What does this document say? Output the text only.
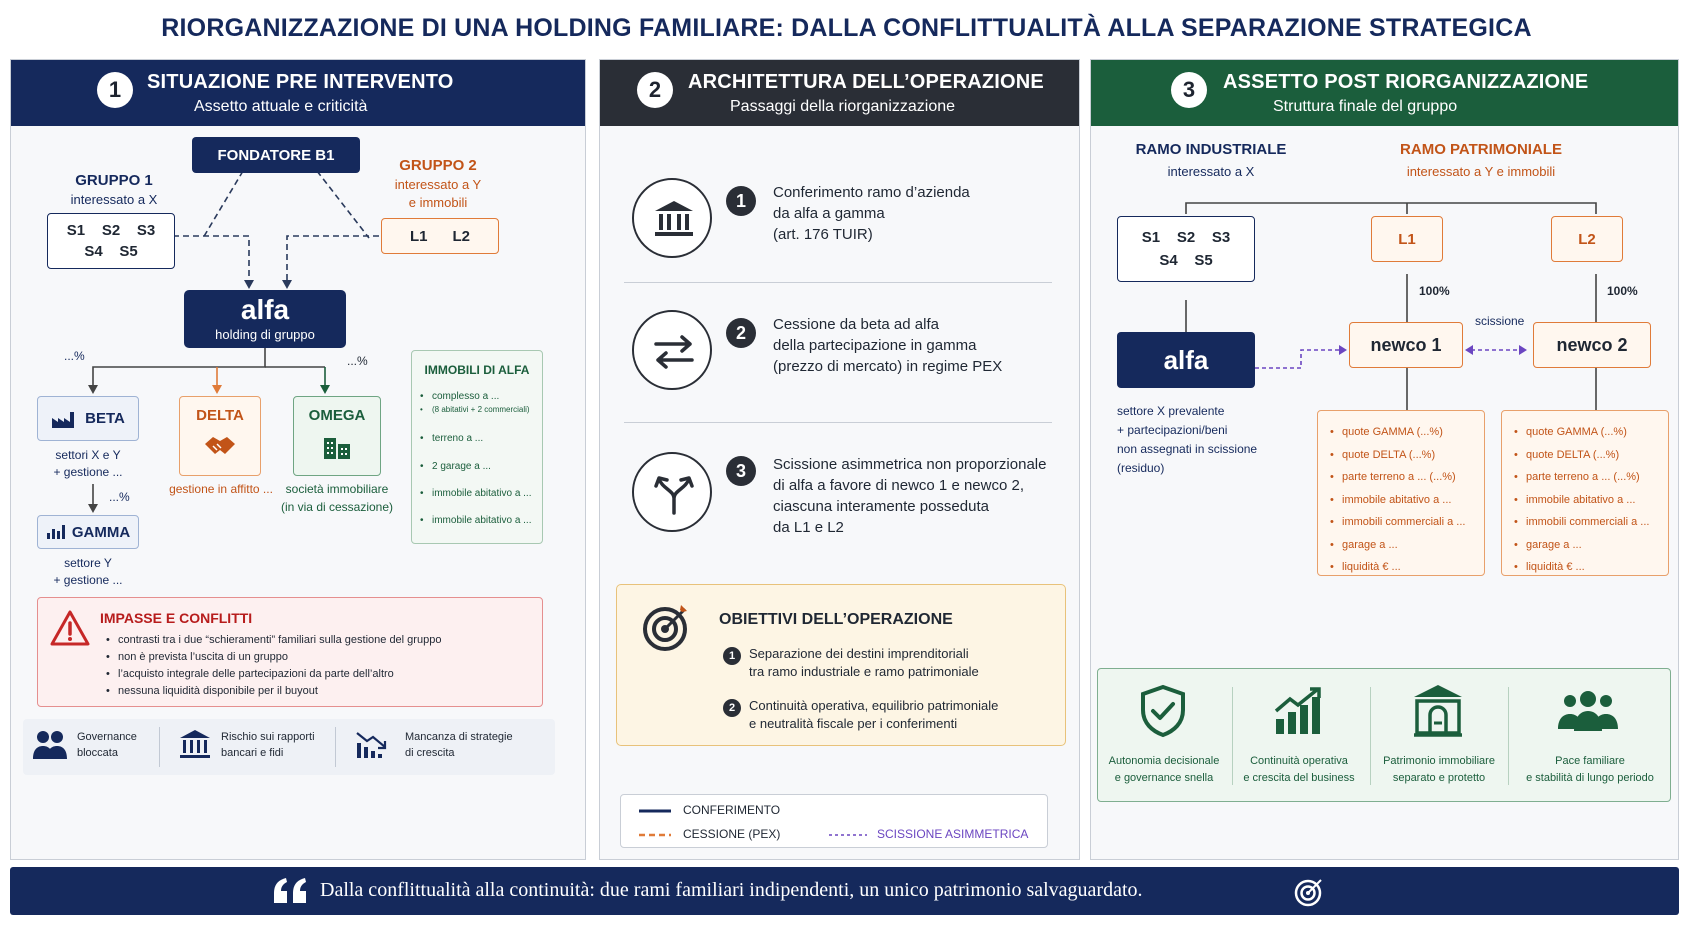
RIORGANIZZAZIONE DI UNA HOLDING FAMILIARE: DALLA CONFLITTUALITÀ ALLA SEPARAZIONE STRATEGICA
1	SITUAZIONE PRE INTERVENTO
Assetto attuale e criticità
FONDATORE B1
GRUPPO 1
interessato a X
S1    S2    S3
S4    S5
GRUPPO 2
interessato a Y
e immobili
L1      L2
alfa
holding di gruppo
...%	...%
BETA
settori X e Y
+ gestione ...
...%
GAMMA
settore Y
+ gestione ...
DELTA
gestione in affitto ...
OMEGA
società immobiliare
(in via di cessazione)
IMMOBILI DI ALFA
• complesso a ...
• (8 abitativi + 2 commerciali)
• terreno a ...
• 2 garage a ...
• immobile abitativo a ...
• immobile abitativo a ...
IMPASSE E CONFLITTI
• contrasti tra i due “schieramenti” familiari sulla gestione del gruppo
• non è prevista l’uscita di un gruppo
• l’acquisto integrale delle partecipazioni da parte dell’altro
• nessuna liquidità disponibile per il buyout
Governance
bloccata
Rischio sui rapporti
bancari e fidi
Mancanza di strategie
di crescita
2	ARCHITETTURA DELL’OPERAZIONE
Passaggi della riorganizzazione
1	Conferimento ramo d’azienda
da alfa a gamma
(art. 176 TUIR)
2	Cessione da beta ad alfa
della partecipazione in gamma
(prezzo di mercato) in regime PEX
3	Scissione asimmetrica non proporzionale
di alfa a favore di newco 1 e newco 2,
ciascuna interamente posseduta
da L1 e L2
OBIETTIVI DELL’OPERAZIONE
1	Separazione dei destini imprenditoriali
tra ramo industriale e ramo patrimoniale
2	Continuità operativa, equilibrio patrimoniale
e neutralità fiscale per i conferimenti
CONFERIMENTO
CESSIONE (PEX)	SCISSIONE ASIMMETRICA
3	ASSETTO POST RIORGANIZZAZIONE
Struttura finale del gruppo
RAMO INDUSTRIALE
interessato a X
RAMO PATRIMONIALE
interessato a Y e immobili
S1    S2    S3
S4    S5
L1	L2
100%	100%
scissione
alfa	newco 1	newco 2
settore X prevalente
+ partecipazioni/beni
non assegnati in scissione
(residuo)
• quote GAMMA (...%)
• quote DELTA (...%)
• parte terreno a ... (...%)
• immobile abitativo a ...
• immobili commerciali a ...
• garage a ...
• liquidità € ...
• quote GAMMA (...%)
• quote DELTA (...%)
• parte terreno a ... (...%)
• immobile abitativo a ...
• immobili commerciali a ...
• garage a ...
• liquidità € ...
Autonomia decisionale
e governance snella
Continuità operativa
e crescita del business
Patrimonio immobiliare
separato e protetto
Pace familiare
e stabilità di lungo periodo
Dalla conflittualità alla continuità: due rami familiari indipendenti, un unico patrimonio salvaguardato.
